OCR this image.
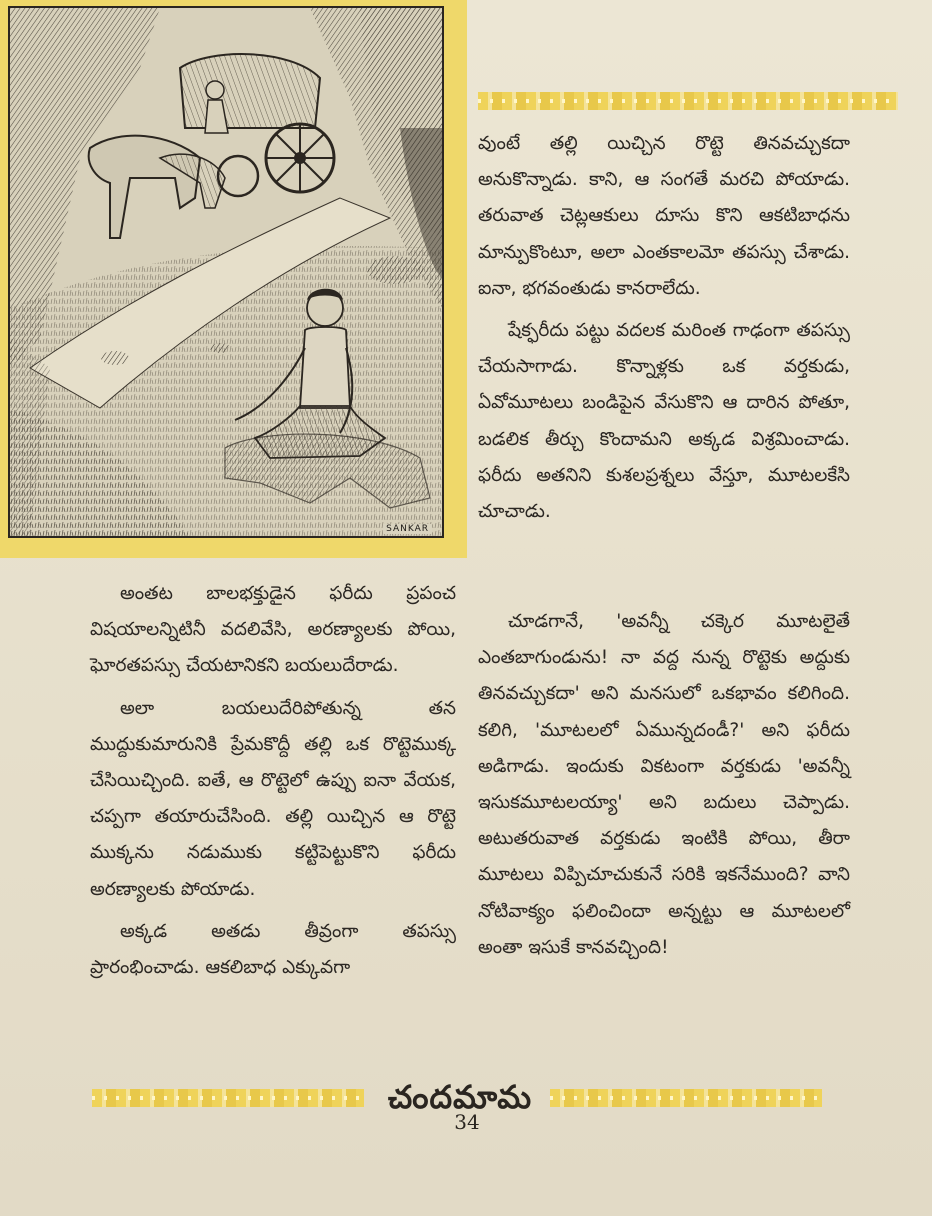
SANKAR

వుంటే తల్లి యిచ్చిన రొట్టె తినవచ్చుకదా అనుకొన్నాడు. కాని, ఆ సంగతే మరచి పోయాడు. తరువాత చెట్లఆకులు దూసు కొని ఆకటిబాధను మాన్పుకొంటూ, అలా ఎంతకాలమో తపస్సు చేశాడు. ఐనా, భగవంతుడు కానరాలేదు.

షేక్ఫరీదు పట్టు వదలక మరింత గాఢంగా తపస్సు చేయసాగాడు. కొన్నాళ్లకు ఒక వర్తకుడు, ఏవోమూటలు బండిపైన వేసుకొని ఆ దారిన పోతూ, బడలిక తీర్చు కొందామని అక్కడ విశ్రమించాడు. ఫరీదు అతనిని కుశలప్రశ్నలు వేస్తూ, మూటలకేసి చూచాడు.

అంతట బాలభక్తుడైన ఫరీదు ప్రపంచ విషయాలన్నిటినీ వదలివేసి, అరణ్యాలకు పోయి, ఘోరతపస్సు చేయటానికని బయలుదేరాడు.

అలా బయలుదేరిపోతున్న తన ముద్దుకుమారునికి ప్రేమకొద్దీ తల్లి ఒక రొట్టెముక్క చేసియిచ్చింది. ఐతే, ఆ రొట్టెలో ఉప్పు ఐనా వేయక, చప్పగా తయారుచేసింది. తల్లి యిచ్చిన ఆ రొట్టె ముక్కను నడుముకు కట్టిపెట్టుకొని ఫరీదు అరణ్యాలకు పోయాడు.

అక్కడ అతడు తీవ్రంగా తపస్సు ప్రారంభించాడు. ఆకలిబాధ ఎక్కువగా

చూడగానే, 'అవన్నీ చక్కెర మూటలైతే ఎంతబాగుండును! నా వద్ద నున్న రొట్టెకు అద్దుకు తినవచ్చుకదా' అని మనసులో ఒకభావం కలిగింది. కలిగి, 'మూటలలో ఏమున్నదండీ?' అని ఫరీదు అడిగాడు. ఇందుకు వికటంగా వర్తకుడు 'అవన్నీ ఇసుకమూటలయ్యా' అని బదులు చెప్పాడు. అటుతరువాత వర్తకుడు ఇంటికి పోయి, తీరా మూటలు విప్పిచూచుకునే సరికి ఇకనేముంది? వాని నోటివాక్యం ఫలించిందా అన్నట్టు ఆ మూటలలో అంతా ఇసుకే కానవచ్చింది!

చందమామ
34
